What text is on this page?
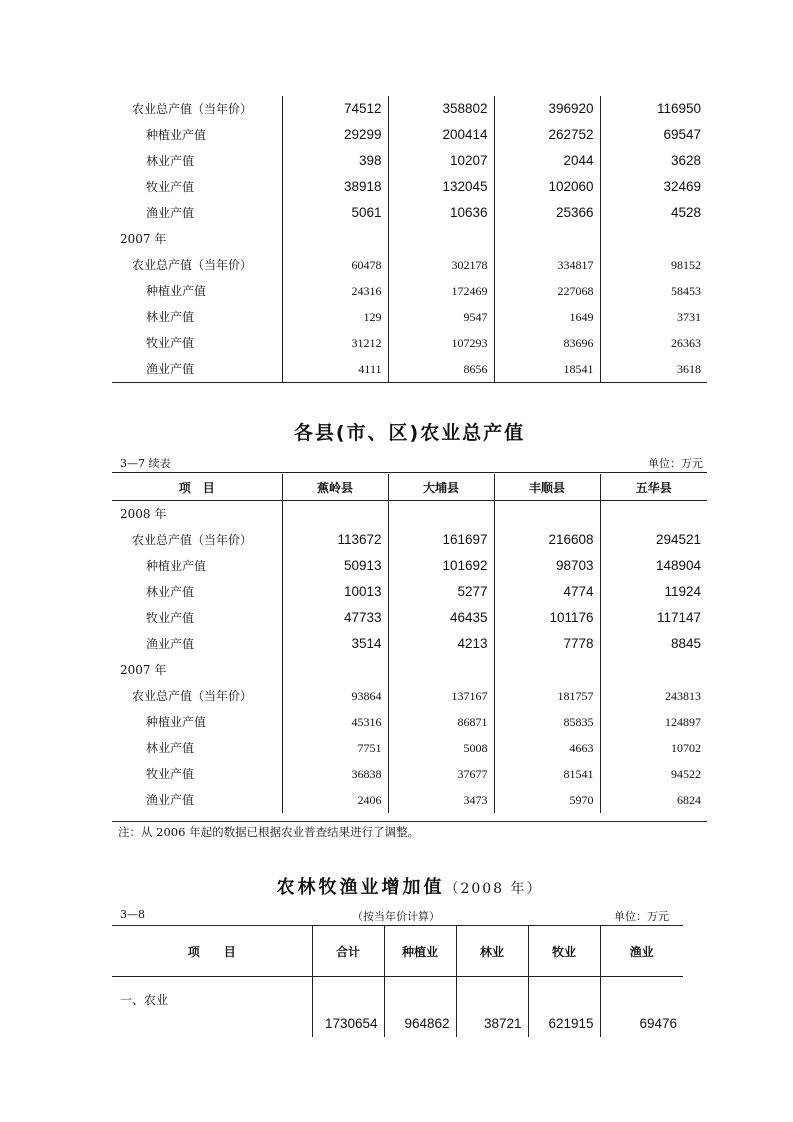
农业总产值（当年价）	74512	358802	396920	116950
种植业产值	29299	200414	262752	69547
林业产值	398	10207	2044	3628
牧业产值	38918	132045	102060	32469
渔业产值	5061	10636	25366	4528
2007 年				
农业总产值（当年价）	60478	302178	334817	98152
种植业产值	24316	172469	227068	58453
林业产值	129	9547	1649	3731
牧业产值	31212	107293	83696	26363
渔业产值	4111	8656	18541	3618
各县(市、区)农业总产值
3—7 续表	单位：万元
项　目	蕉岭县	大埔县	丰顺县	五华县
2008 年				
农业总产值（当年价）	113672	161697	216608	294521
种植业产值	50913	101692	98703	148904
林业产值	10013	5277	4774	11924
牧业产值	47733	46435	101176	117147
渔业产值	3514	4213	7778	8845
2007 年				
农业总产值（当年价）	93864	137167	181757	243813
种植业产值	45316	86871	85835	124897
林业产值	7751	5008	4663	10702
牧业产值	36838	37677	81541	94522
渔业产值	2406	3473	5970	6824
注：从 2006 年起的数据已根据农业普查结果进行了调整。
农林牧渔业增加值（2008 年）
3—8	（按当年价计算）	单位：万元
项　　目	合计	种植业	林业	牧业	渔业
一、农业	1730654	964862	38721	621915	69476
